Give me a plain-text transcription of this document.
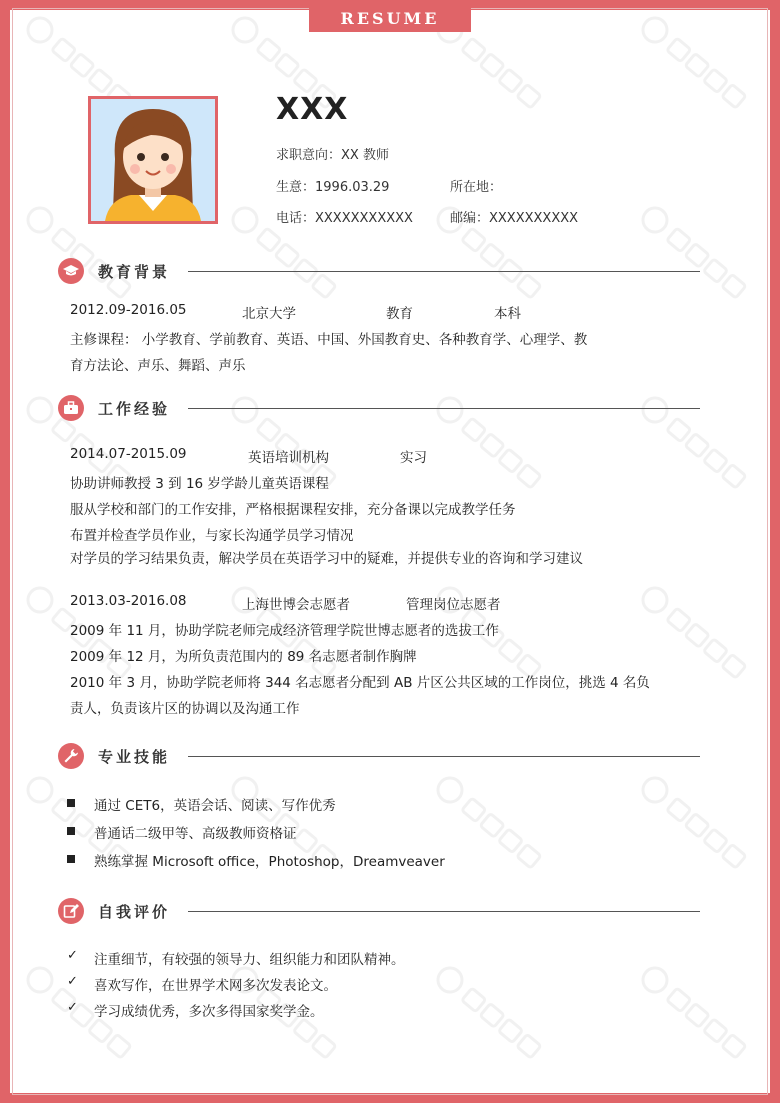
RESUME
XXX
求职意向：XX 教师
生意：1996.03.29	所在地：
电话：XXXXXXXXXXX	邮编：XXXXXXXXXX
教育背景
2012.09-2016.05	北京大学	教育	本科
主修课程： 小学教育、学前教育、英语、中国、外国教育史、各种教育学、心理学、教
育方法论、声乐、舞蹈、声乐
工作经验
2014.07-2015.09	英语培训机构	实习
协助讲师教授 3 到 16 岁学龄儿童英语课程
服从学校和部门的工作安排，严格根据课程安排，充分备课以完成教学任务
布置并检查学员作业，与家长沟通学员学习情况
对学员的学习结果负责，解决学员在英语学习中的疑难，并提供专业的咨询和学习建议
2013.03-2016.08	上海世博会志愿者	管理岗位志愿者
2009 年 11 月，协助学院老师完成经济管理学院世博志愿者的选拔工作
2009 年 12 月，为所负责范围内的 89 名志愿者制作胸牌
2010 年 3 月，协助学院老师将 344 名志愿者分配到 AB 片区公共区域的工作岗位，挑选 4 名负
责人，负责该片区的协调以及沟通工作
专业技能
通过 CET6，英语会话、阅读、写作优秀
普通话二级甲等、高级教师资格证
熟练掌握 Microsoft office，Photoshop，Dreamveaver
自我评价
✓ 注重细节，有较强的领导力、组织能力和团队精神。
✓ 喜欢写作，在世界学术网多次发表论文。
✓ 学习成绩优秀，多次多得国家奖学金。
